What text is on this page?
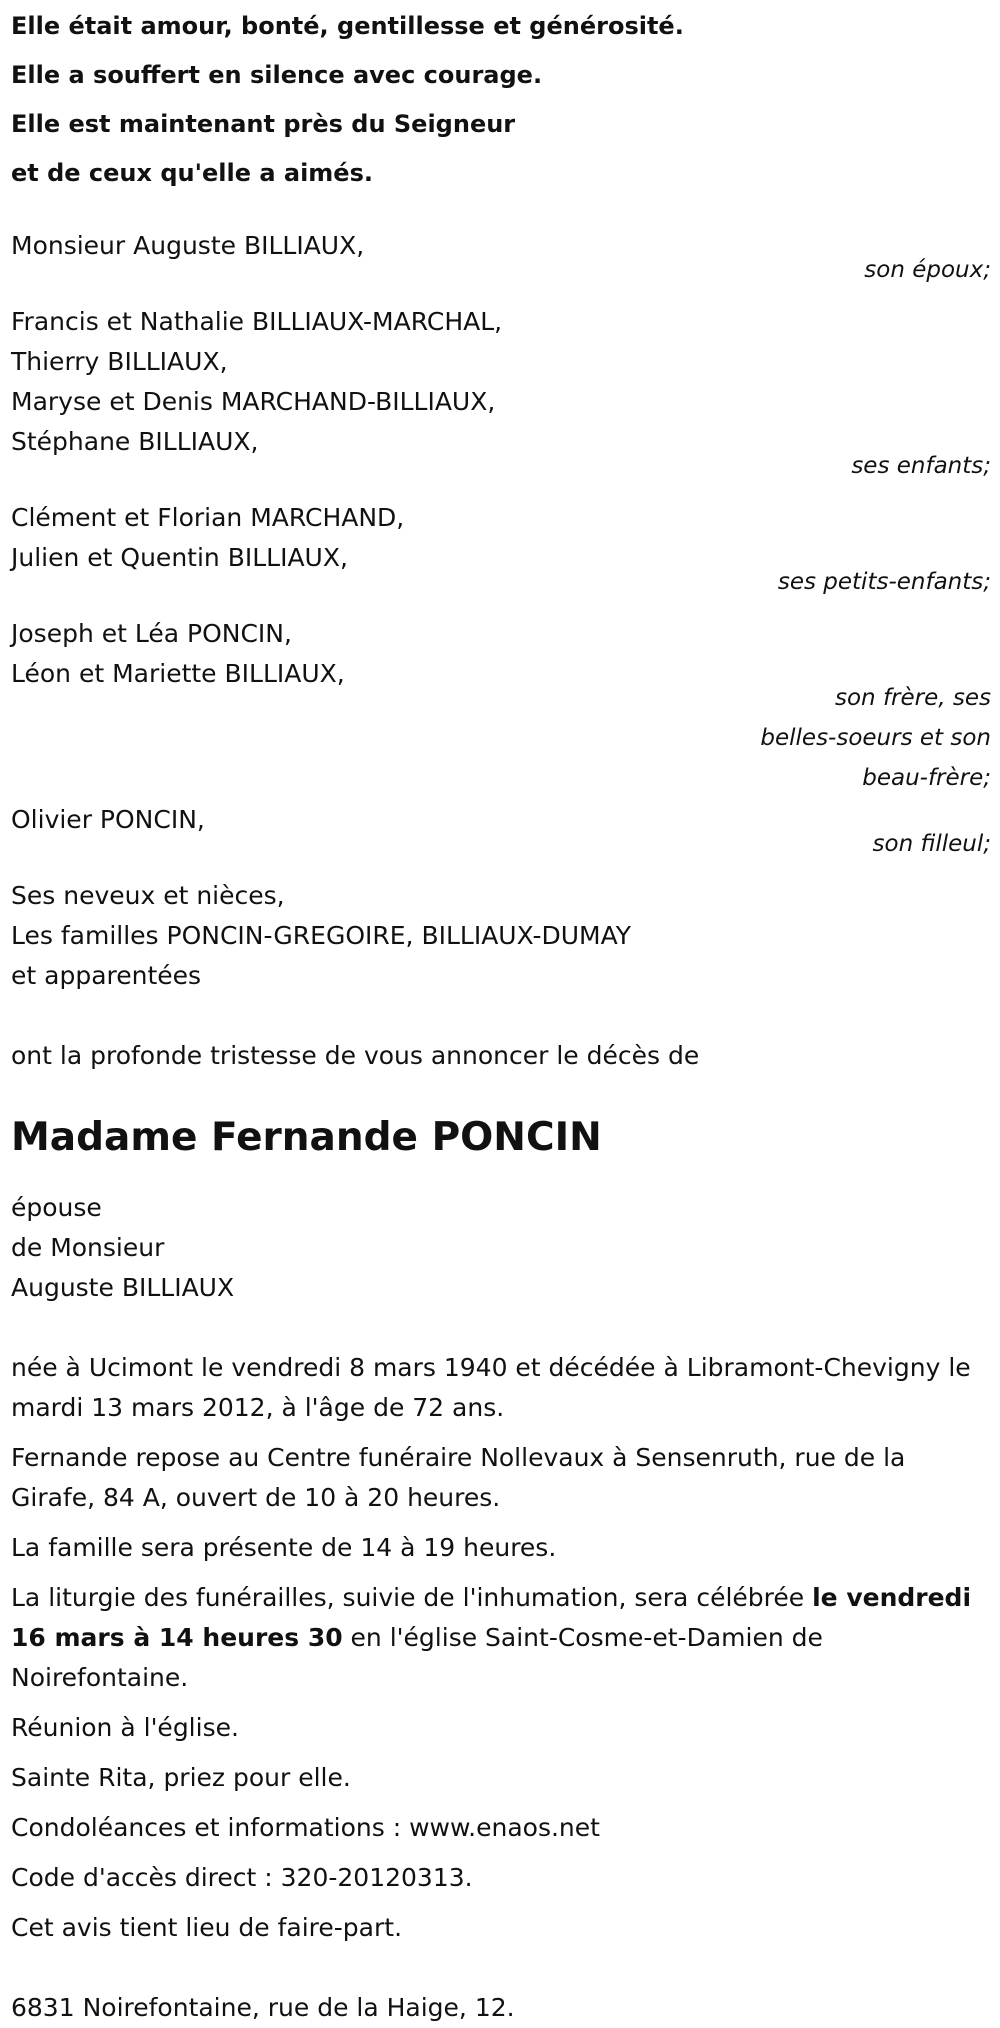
Elle était amour, bonté, gentillesse et générosité.
Elle a souffert en silence avec courage.
Elle est maintenant près du Seigneur
et de ceux qu'elle a aimés.
Monsieur Auguste BILLIAUX,
son époux;
Francis et Nathalie BILLIAUX-MARCHAL,
Thierry BILLIAUX,
Maryse et Denis MARCHAND-BILLIAUX,
Stéphane BILLIAUX,
ses enfants;
Clément et Florian MARCHAND,
Julien et Quentin BILLIAUX,
ses petits-enfants;
Joseph et Léa PONCIN,
Léon et Mariette BILLIAUX,
son frère, ses
belles-soeurs et son
beau-frère;
Olivier PONCIN,
son filleul;
Ses neveux et nièces,
Les familles PONCIN-GREGOIRE, BILLIAUX-DUMAY
et apparentées
ont la profonde tristesse de vous annoncer le décès de
Madame Fernande PONCIN
épouse
de Monsieur
Auguste BILLIAUX
née à Ucimont le vendredi 8 mars 1940 et décédée à Libramont-Chevigny le mardi 13 mars 2012, à l'âge de 72 ans.
Fernande repose au Centre funéraire Nollevaux à Sensenruth, rue de la Girafe, 84 A, ouvert de 10 à 20 heures.
La famille sera présente de 14 à 19 heures.
La liturgie des funérailles, suivie de l'inhumation, sera célébrée le vendredi 16 mars à 14 heures 30 en l'église Saint-Cosme-et-Damien de Noirefontaine.
Réunion à l'église.
Sainte Rita, priez pour elle.
Condoléances et informations : www.enaos.net
Code d'accès direct : 320-20120313.
Cet avis tient lieu de faire-part.
6831 Noirefontaine, rue de la Haige, 12.
